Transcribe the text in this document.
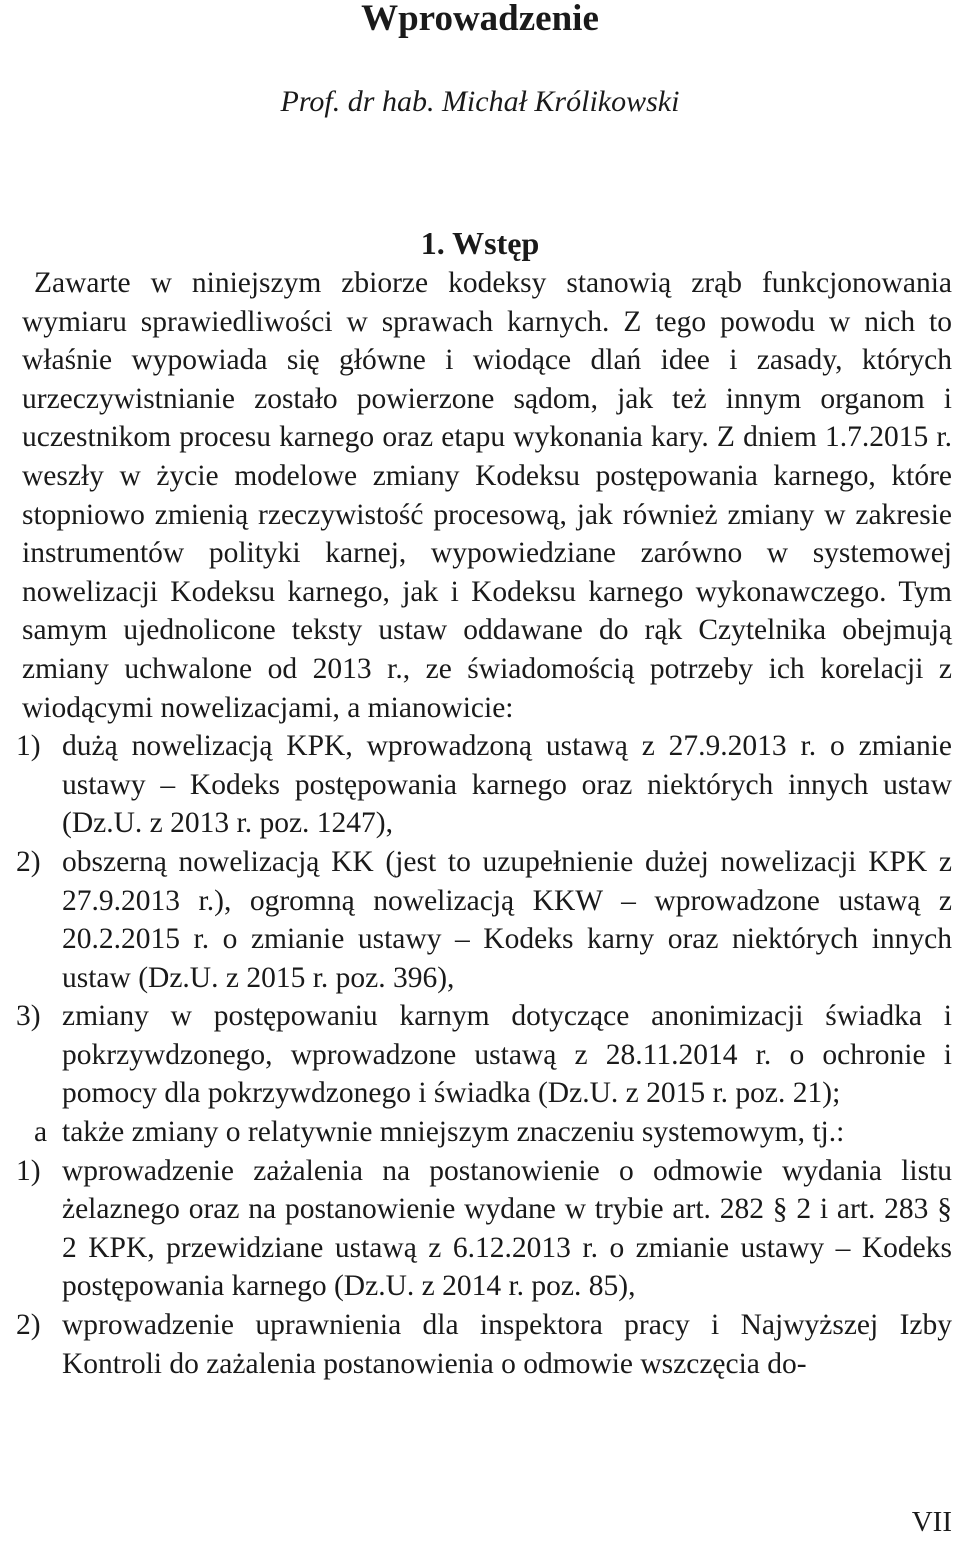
Wprowadzenie
Prof. dr hab. Michał Królikowski
1. Wstęp

Zawarte w niniejszym zbiorze kodeksy stanowią zrąb funkcjonowania wymiaru sprawiedliwości w sprawach karnych. Z tego powodu w nich to właśnie wypowiada się główne i wiodące dlań idee i zasady, których urzeczywistnianie zostało powierzone sądom, jak też innym organom i uczestnikom procesu karnego oraz etapu wykonania kary. Z dniem 1.7.2015 r. weszły w życie modelowe zmiany Kodeksu postępowania karnego, które stopniowo zmienią rzeczywistość procesową, jak również zmiany w zakresie instrumentów polityki karnej, wypowiedziane zarówno w systemowej nowelizacji Kodeksu karnego, jak i Kodeksu karnego wykonawczego. Tym samym ujednolicone teksty ustaw oddawane do rąk Czytelnika obejmują zmiany uchwalone od 2013 r., ze świadomością potrzeby ich korelacji z wiodącymi nowelizacjami, a mianowicie:

1) dużą nowelizacją KPK, wprowadzoną ustawą z 27.9.2013 r. o zmianie ustawy – Kodeks postępowania karnego oraz niektórych innych ustaw (Dz.U. z 2013 r. poz. 1247),
2) obszerną nowelizacją KK (jest to uzupełnienie dużej nowelizacji KPK z 27.9.2013 r.), ogromną nowelizacją KKW – wprowadzone ustawą z 20.2.2015 r. o zmianie ustawy – Kodeks karny oraz niektórych innych ustaw (Dz.U. z 2015 r. poz. 396),
3) zmiany w postępowaniu karnym dotyczące anonimizacji świadka i pokrzywdzonego, wprowadzone ustawą z 28.11.2014 r. o ochronie i pomocy dla pokrzywdzonego i świadka (Dz.U. z 2015 r. poz. 21);
a także zmiany o relatywnie mniejszym znaczeniu systemowym, tj.:
1) wprowadzenie zażalenia na postanowienie o odmowie wydania listu żelaznego oraz na postanowienie wydane w trybie art. 282 § 2 i art. 283 § 2 KPK, przewidziane ustawą z 6.12.2013 r. o zmianie ustawy – Kodeks postępowania karnego (Dz.U. z 2014 r. poz. 85),
2) wprowadzenie uprawnienia dla inspektora pracy i Najwyższej Izby Kontroli do zażalenia postanowienia o odmowie wszczęcia do-
VII
